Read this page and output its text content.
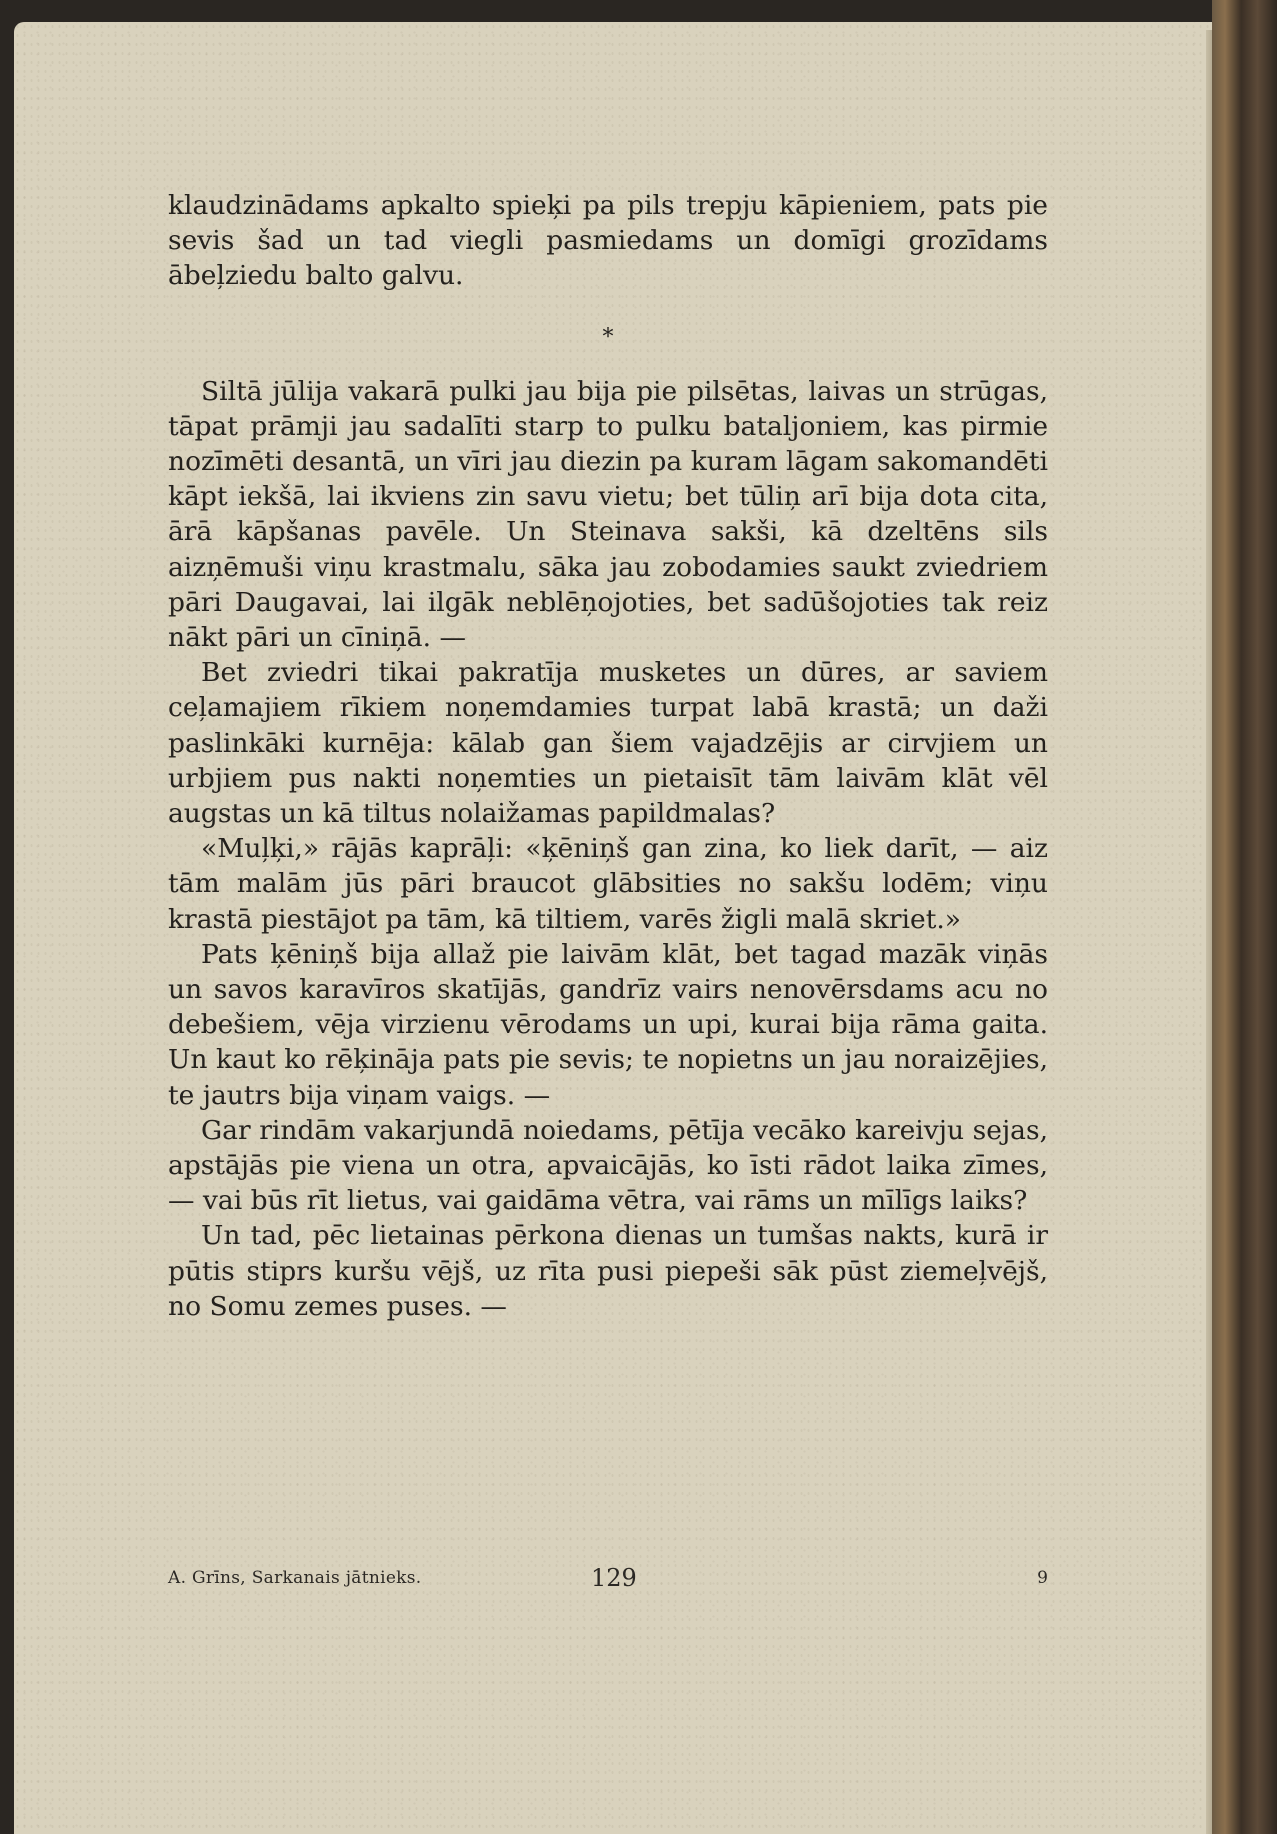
klaudzinādams apkalto spieķi pa pils trepju kāpieniem, pats pie sevis šad un tad viegli pasmiedams un domīgi grozīdams ābeļziedu balto galvu.

*

Siltā jūlija vakarā pulki jau bija pie pilsētas, laivas un strūgas, tāpat prāmji jau sadalīti starp to pulku bataljoniem, kas pirmie nozīmēti desantā, un vīri jau diezin pa kuram lāgam sakomandēti kāpt iekšā, lai ikviens zin savu vietu; bet tūliņ arī bija dota cita, ārā kāpšanas pavēle. Un Steinava sakši, kā dzeltēns sils aizņēmuši viņu krastmalu, sāka jau zobodamies saukt zviedriem pāri Daugavai, lai ilgāk neblēņojoties, bet sadūšojoties tak reiz nākt pāri un cīniņā. —

Bet zviedri tikai pakratīja musketes un dūres, ar saviem ceļamajiem rīkiem noņemdamies turpat labā krastā; un daži paslinkāki kurnēja: kālab gan šiem vajadzējis ar cirvjiem un urbjiem pus nakti noņemties un pietaisīt tām laivām klāt vēl augstas un kā tiltus nolaižamas papildmalas?

«Muļķi,» rājās kaprāļi: «ķēniņš gan zina, ko liek darīt, — aiz tām malām jūs pāri braucot glābsities no sakšu lodēm; viņu krastā piestājot pa tām, kā tiltiem, varēs žigli malā skriet.»

Pats ķēniņš bija allaž pie laivām klāt, bet tagad mazāk viņās un savos karavīros skatījās, gandrīz vairs nenovērsdams acu no debešiem, vēja virzienu vērodams un upi, kurai bija rāma gaita. Un kaut ko rēķināja pats pie sevis; te nopietns un jau noraizējies, te jautrs bija viņam vaigs. —

Gar rindām vakarjundā noiedams, pētīja vecāko kareivju sejas, apstājās pie viena un otra, apvaicājās, ko īsti rādot laika zīmes, — vai būs rīt lietus, vai gaidāma vētra, vai rāms un mīlīgs laiks?

Un tad, pēc lietainas pērkona dienas un tumšas nakts, kurā ir pūtis stiprs kuršu vējš, uz rīta pusi piepeši sāk pūst ziemeļvējš, no Somu zemes puses. —

A. Grīns, Sarkanais jātnieks.	129	9
